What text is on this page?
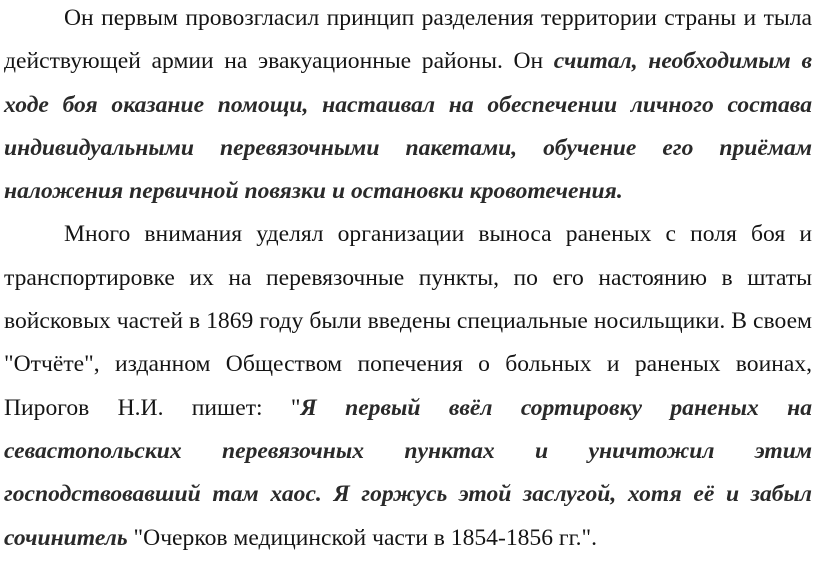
Он первым провозгласил принцип разделения территории страны и тыла действующей армии на эвакуационные районы. Он считал, необходимым в ходе боя оказание помощи, настаивал на обеспечении личного состава индивидуальными перевязочными пакетами, обучение его приёмам наложения первичной повязки и остановки кровотечения.

Много внимания уделял организации выноса раненых с поля боя и транспортировке их на перевязочные пункты, по его настоянию в штаты войсковых частей в 1869 году были введены специальные носильщики. В своем "Отчёте", изданном Обществом попечения о больных и раненых воинах, Пирогов Н.И. пишет: "Я первый ввёл сортировку раненых на севастопольских перевязочных пунктах и уничтожил этим господствовавший там хаос. Я горжусь этой заслугой, хотя её и забыл сочинитель "Очерков медицинской части в 1854-1856 гг.".
